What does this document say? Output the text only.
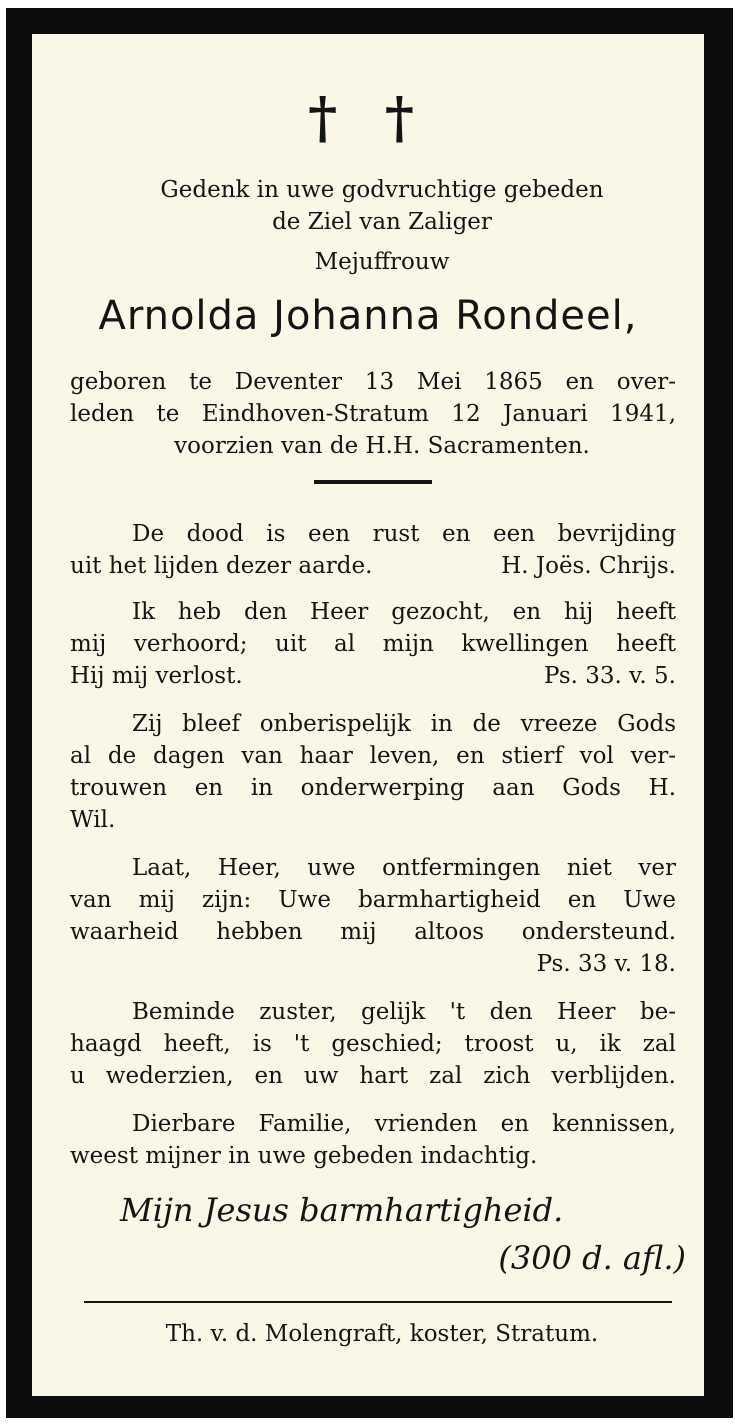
† †
Gedenk in uwe godvruchtige gebeden
de Ziel van Zaliger
Mejuffrouw
Arnolda Johanna Rondeel,
geboren te Deventer 13 Mei 1865 en over-
leden te Eindhoven-Stratum 12 Januari 1941,
voorzien van de H.H. Sacramenten.
De dood is een rust en een bevrijding
uit het lijden dezer aarde.	H. Joës. Chrijs.
Ik heb den Heer gezocht, en hij heeft
mij verhoord; uit al mijn kwellingen heeft
Hij mij verlost.	Ps. 33. v. 5.
Zij bleef onberispelijk in de vreeze Gods
al de dagen van haar leven, en stierf vol ver-
trouwen en in onderwerping aan Gods H.
Wil.
Laat, Heer, uwe ontfermingen niet ver
van mij zijn: Uwe barmhartigheid en Uwe
waarheid hebben mij altoos ondersteund.
Ps. 33 v. 18.
Beminde zuster, gelijk 't den Heer be-
haagd heeft, is 't geschied; troost u, ik zal
u wederzien, en uw hart zal zich verblijden.
Dierbare Familie, vrienden en kennissen,
weest mijner in uwe gebeden indachtig.
Mijn Jesus barmhartigheid.
(300 d. afl.)
Th. v. d. Molengraft, koster, Stratum.
